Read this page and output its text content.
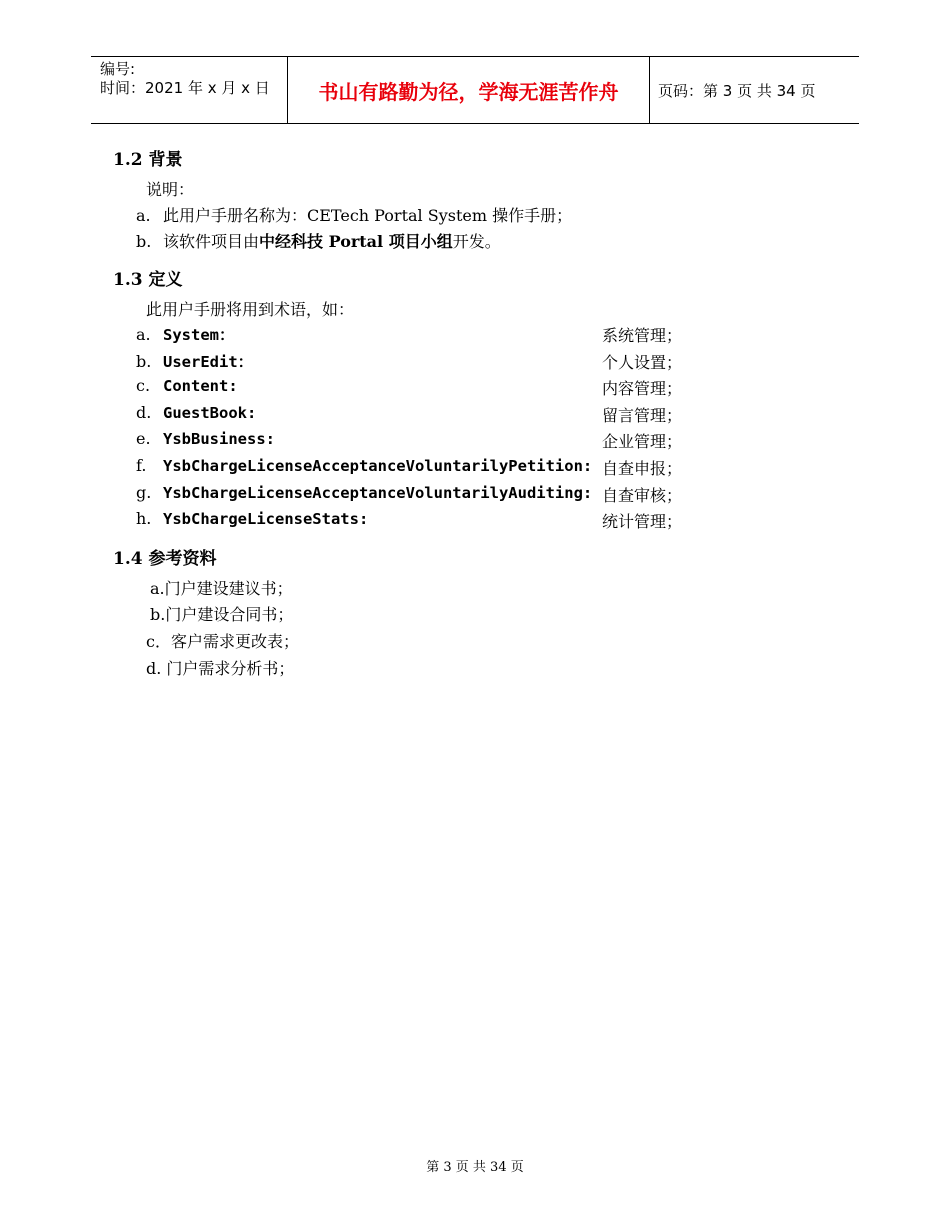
编号:
时间：2021 年 x 月 x 日	书山有路勤为径，学海无涯苦作舟	页码：第 3 页 共 34 页
1.2 背景
说明：
a. 此用户手册名称为：CETech Portal System 操作手册；
b. 该软件项目由中经科技 Portal 项目小组开发。
1.3 定义
此用户手册将用到术语，如：
a. System：	系统管理；
b. UserEdit：	个人设置；
c. Content:	内容管理；
d. GuestBook:	留言管理；
e. YsbBusiness:	企业管理；
f. YsbChargeLicenseAcceptanceVoluntarilyPetition: 自查申报；
g. YsbChargeLicenseAcceptanceVoluntarilyAuditing: 自查审核；
h. YsbChargeLicenseStats:	统计管理；
1.4 参考资料
a.门户建设建议书；
b.门户建设合同书；
c．客户需求更改表；
d. 门户需求分析书；
第 3 页 共 34 页
